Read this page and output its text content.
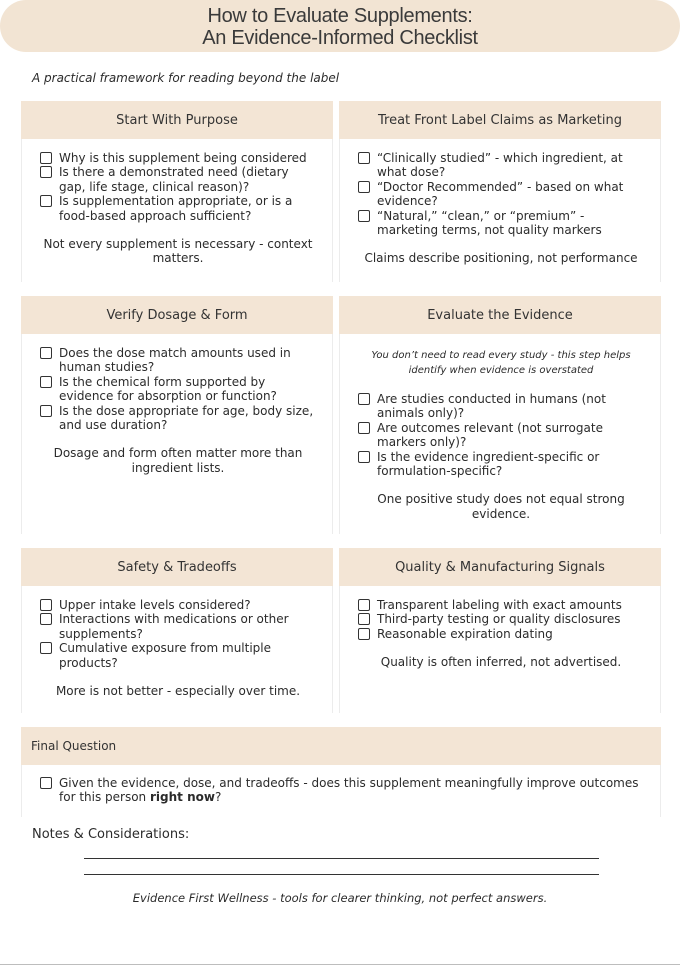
How to Evaluate Supplements:
An Evidence-Informed Checklist
A practical framework for reading beyond the label
Start With Purpose
Why is this supplement being considered
Is there a demonstrated need (dietary gap, life stage, clinical reason)?
Is supplementation appropriate, or is a food-based approach sufficient?
Not every supplement is necessary - context matters.
Treat Front Label Claims as Marketing
“Clinically studied” - which ingredient, at what dose?
“Doctor Recommended” - based on what evidence?
“Natural,” “clean,” or “premium” - marketing terms, not quality markers
Claims describe positioning, not performance
Verify Dosage & Form
Does the dose match amounts used in human studies?
Is the chemical form supported by evidence for absorption or function?
Is the dose appropriate for age, body size, and use duration?
Dosage and form often matter more than ingredient lists.
Evaluate the Evidence
You don’t need to read every study - this step helps identify when evidence is overstated
Are studies conducted in humans (not animals only)?
Are outcomes relevant (not surrogate markers only)?
Is the evidence ingredient-specific or formulation-specific?
One positive study does not equal strong evidence.
Safety & Tradeoffs
Upper intake levels considered?
Interactions with medications or other supplements?
Cumulative exposure from multiple products?
More is not better - especially over time.
Quality & Manufacturing Signals
Transparent labeling with exact amounts
Third-party testing or quality disclosures
Reasonable expiration dating
Quality is often inferred, not advertised.
Final Question
Given the evidence, dose, and tradeoffs - does this supplement meaningfully improve outcomes for this person right now?
Notes & Considerations:
Evidence First Wellness - tools for clearer thinking, not perfect answers.
